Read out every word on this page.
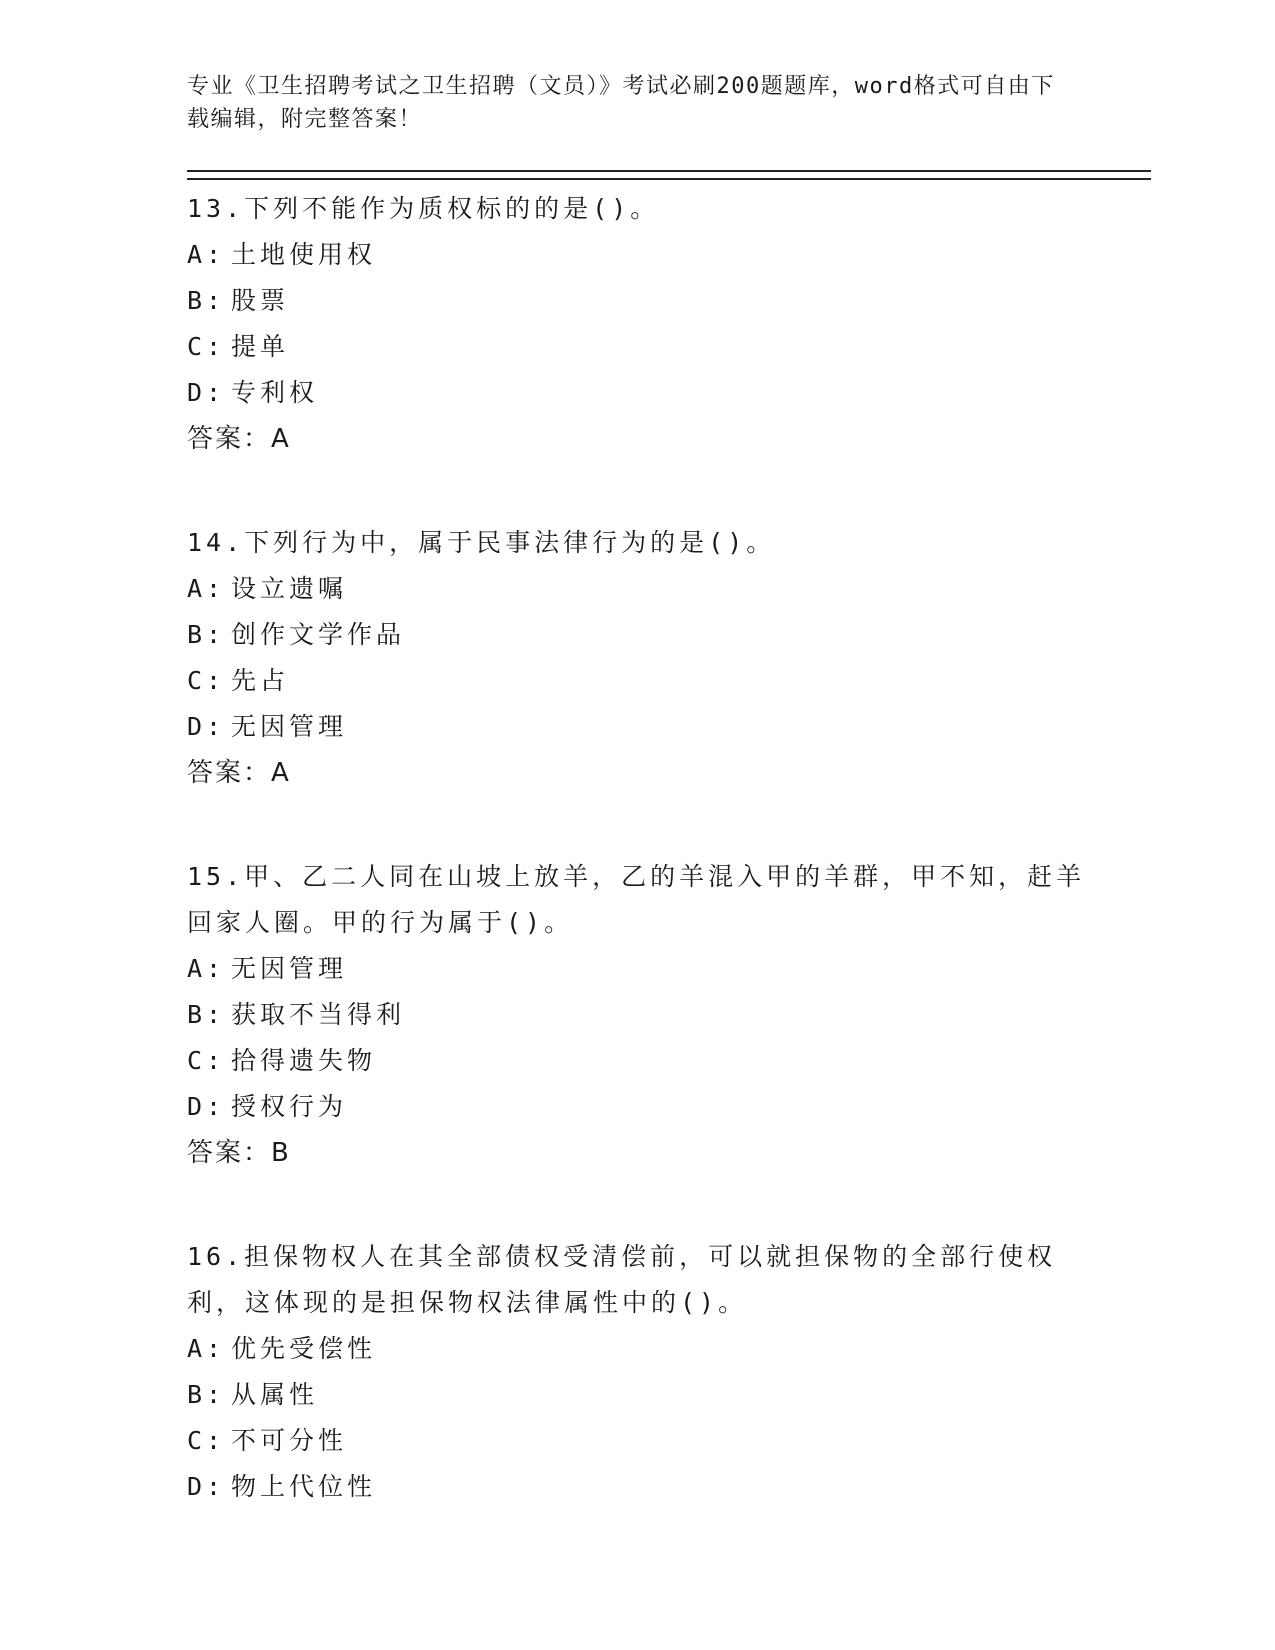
专业《卫生招聘考试之卫生招聘（文员）》考试必刷200题题库，word格式可自由下载编辑，附完整答案！

13.下列不能作为质权标的的是()。
A: 土地使用权
B: 股票
C: 提单
D: 专利权
答案：A
14.下列行为中，属于民事法律行为的是()。
A: 设立遗嘱
B: 创作文学作品
C: 先占
D: 无因管理
答案：A
15.甲、乙二人同在山坡上放羊，乙的羊混入甲的羊群，甲不知，赶羊回家人圈。甲的行为属于()。
A: 无因管理
B: 获取不当得利
C: 拾得遗失物
D: 授权行为
答案：B
16.担保物权人在其全部债权受清偿前，可以就担保物的全部行使权利，这体现的是担保物权法律属性中的()。
A: 优先受偿性
B: 从属性
C: 不可分性
D: 物上代位性
